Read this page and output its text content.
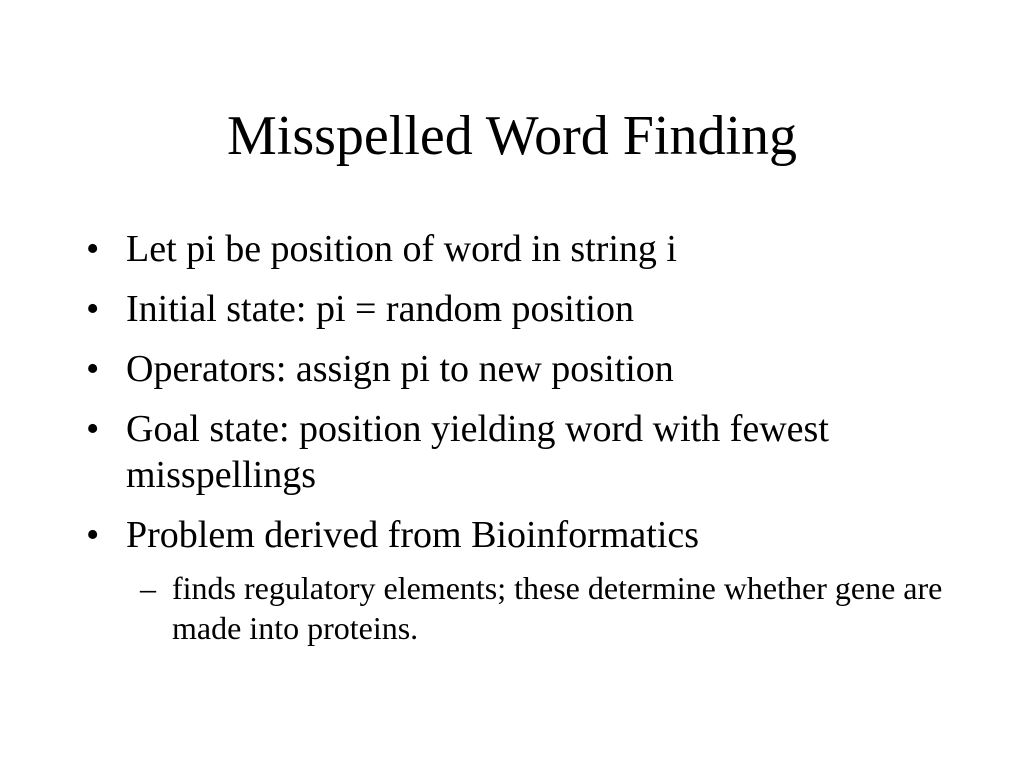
Misspelled Word Finding
• Let pi be position of word in string i
• Initial state: pi = random position
• Operators: assign pi to new position
• Goal state: position yielding word with fewest misspellings
• Problem derived from Bioinformatics
– finds regulatory elements; these determine whether gene are made into proteins.
